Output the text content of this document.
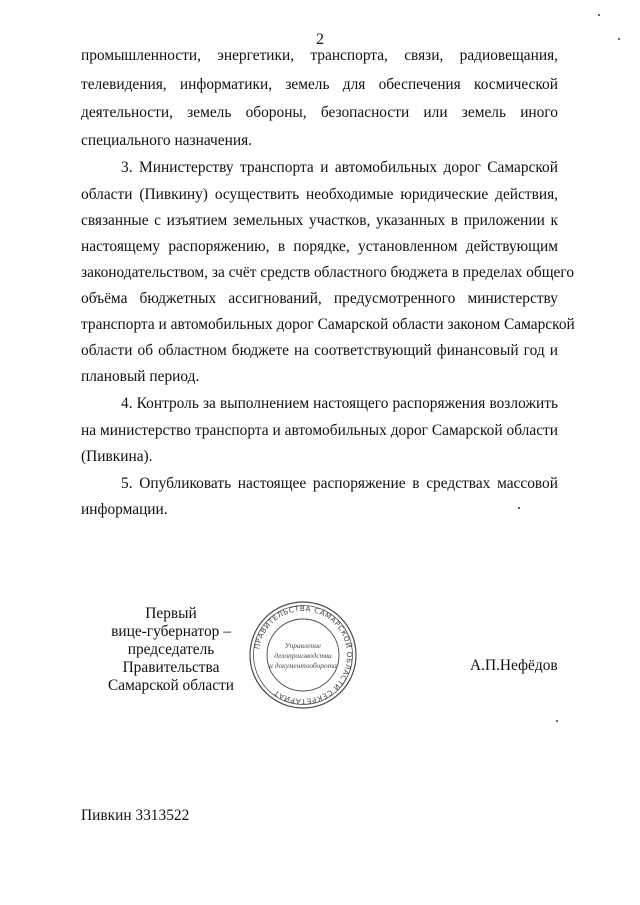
2
промышленности, энергетики, транспорта, связи, радиовещания,
телевидения, информатики, земель для обеспечения космической
деятельности, земель обороны, безопасности или земель иного
специального назначения.
3. Министерству транспорта и автомобильных дорог Самарской
области (Пивкину) осуществить необходимые юридические действия,
связанные с изъятием земельных участков, указанных в приложении к
настоящему распоряжению, в порядке, установленном действующим
законодательством, за счёт средств областного бюджета в пределах общего
объёма бюджетных ассигнований, предусмотренного министерству
транспорта и автомобильных дорог Самарской области законом Самарской
области об областном бюджете на соответствующий финансовый год и
плановый период.
4. Контроль за выполнением настоящего распоряжения возложить
на министерство транспорта и автомобильных дорог Самарской области
(Пивкина).
5. Опубликовать настоящее распоряжение в средствах массовой
информации.
Первый
вице-губернатор –
председатель Правительства
Самарской области
ПРАВИТЕЛЬСТВА САМАРСКОЙ ОБЛАСТИ СЕКРЕТАРИАТ
Управление
делопроизводства
и документооборота	А.П.Нефёдов
Пивкин 3313522
